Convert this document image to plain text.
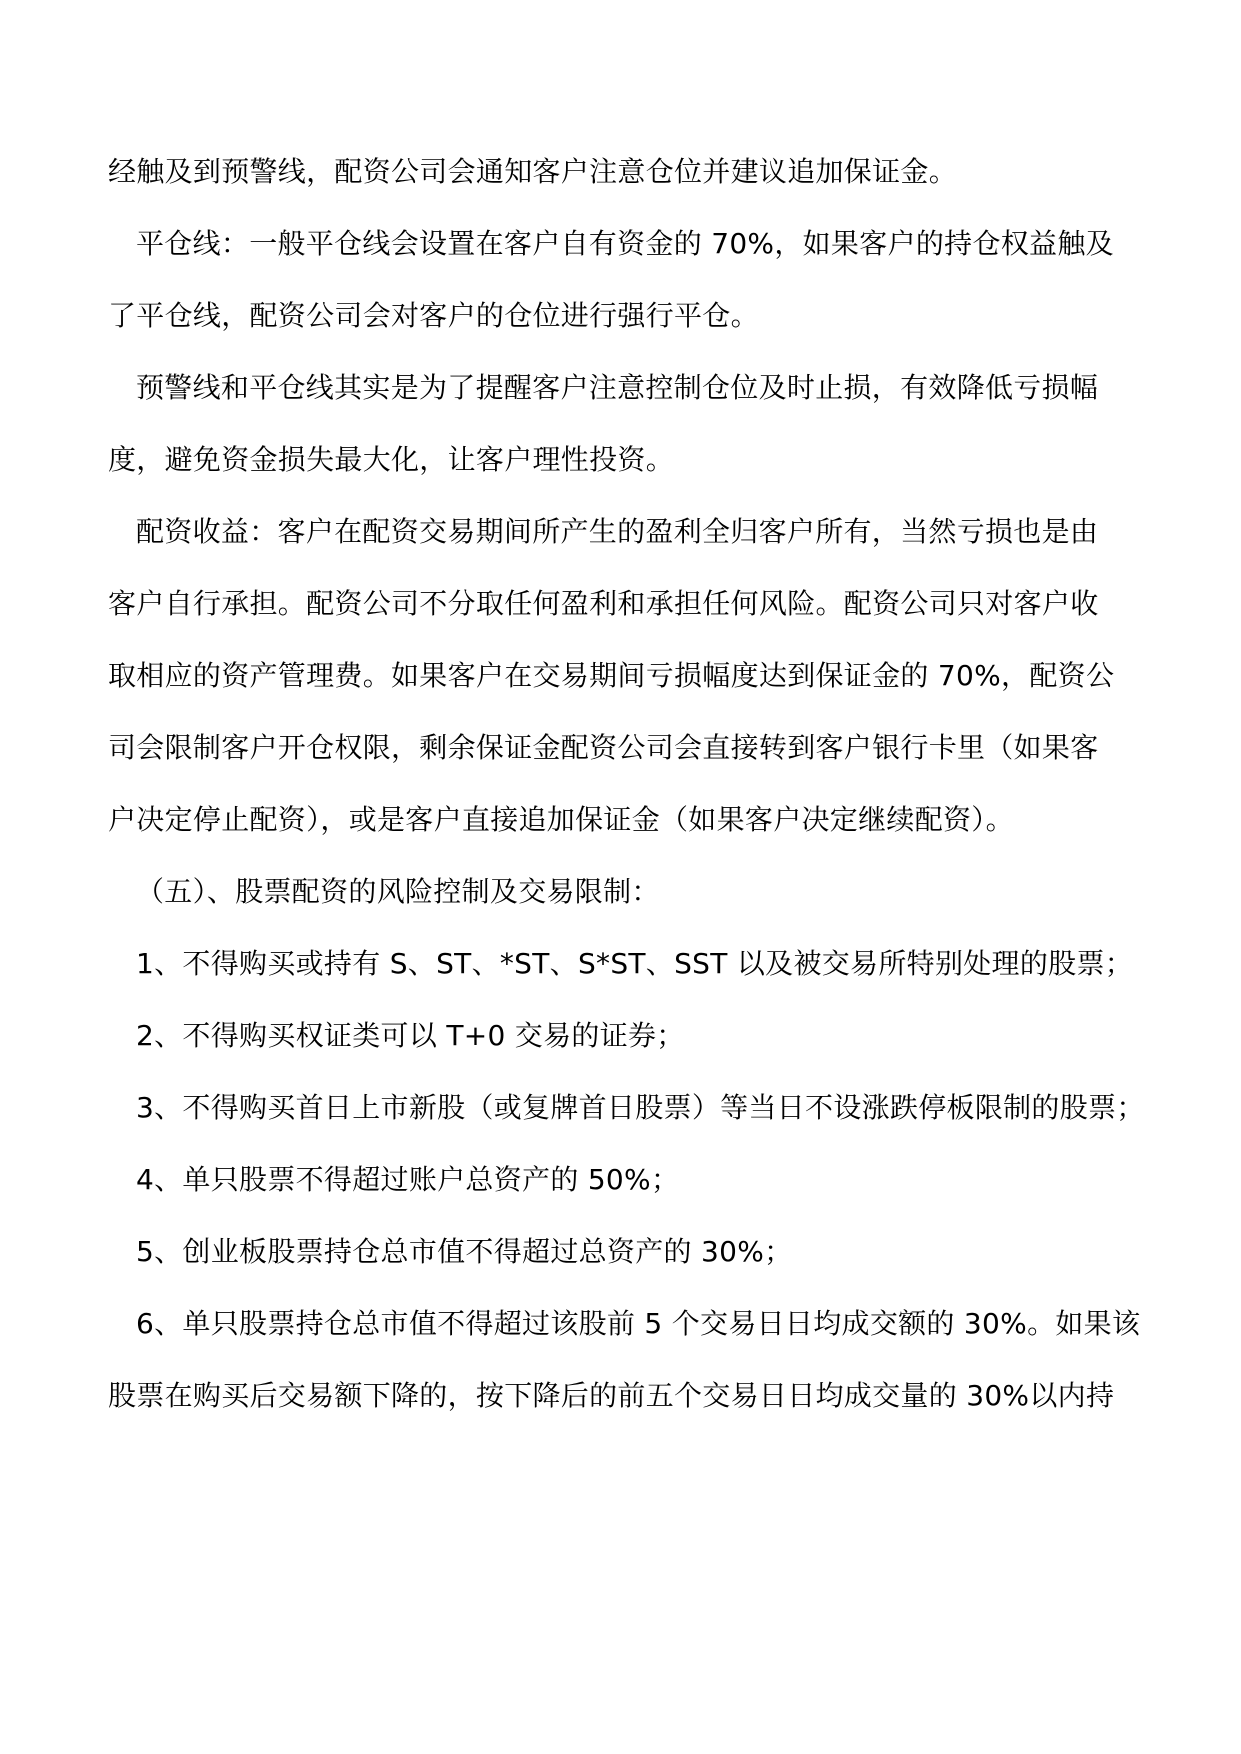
经触及到预警线，配资公司会通知客户注意仓位并建议追加保证金。
平仓线：一般平仓线会设置在客户自有资金的 70%，如果客户的持仓权益触及
了平仓线，配资公司会对客户的仓位进行强行平仓。
预警线和平仓线其实是为了提醒客户注意控制仓位及时止损，有效降低亏损幅
度，避免资金损失最大化，让客户理性投资。
配资收益：客户在配资交易期间所产生的盈利全归客户所有，当然亏损也是由
客户自行承担。配资公司不分取任何盈利和承担任何风险。配资公司只对客户收
取相应的资产管理费。如果客户在交易期间亏损幅度达到保证金的 70%，配资公
司会限制客户开仓权限，剩余保证金配资公司会直接转到客户银行卡里（如果客
户决定停止配资），或是客户直接追加保证金（如果客户决定继续配资）。
（五）、股票配资的风险控制及交易限制：
1、不得购买或持有 S、ST、*ST、S*ST、SST 以及被交易所特别处理的股票；
2、不得购买权证类可以 T+0 交易的证券；
3、不得购买首日上市新股（或复牌首日股票）等当日不设涨跌停板限制的股票；
4、单只股票不得超过账户总资产的 50%；
5、创业板股票持仓总市值不得超过总资产的 30%；
6、单只股票持仓总市值不得超过该股前 5 个交易日日均成交额的 30%。如果该
股票在购买后交易额下降的，按下降后的前五个交易日日均成交量的 30%以内持
